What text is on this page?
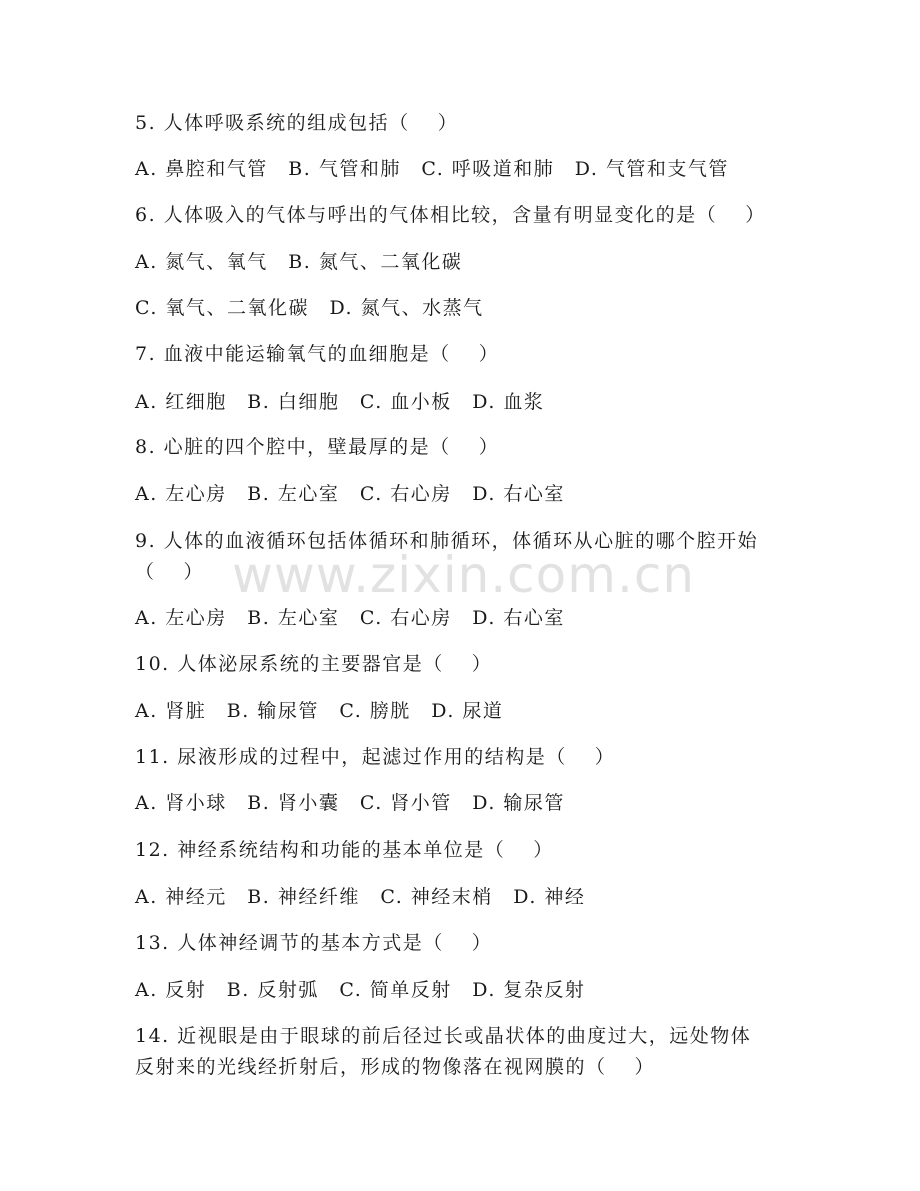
www.zixin.com.cn
5. 人体呼吸系统的组成包括（　 ）
A. 鼻腔和气管　B. 气管和肺　C. 呼吸道和肺　D. 气管和支气管
6. 人体吸入的气体与呼出的气体相比较，含量有明显变化的是（　 ）
A. 氮气、氧气　B. 氮气、二氧化碳
C. 氧气、二氧化碳　D. 氮气、水蒸气
7. 血液中能运输氧气的血细胞是（　 ）
A. 红细胞　B. 白细胞　C. 血小板　D. 血浆
8. 心脏的四个腔中，壁最厚的是（　 ）
A. 左心房　B. 左心室　C. 右心房　D. 右心室
9. 人体的血液循环包括体循环和肺循环，体循环从心脏的哪个腔开始
（　 ）
A. 左心房　B. 左心室　C. 右心房　D. 右心室
10. 人体泌尿系统的主要器官是（　 ）
A. 肾脏　B. 输尿管　C. 膀胱　D. 尿道
11. 尿液形成的过程中，起滤过作用的结构是（　 ）
A. 肾小球　B. 肾小囊　C. 肾小管　D. 输尿管
12. 神经系统结构和功能的基本单位是（　 ）
A. 神经元　B. 神经纤维　C. 神经末梢　D. 神经
13. 人体神经调节的基本方式是（　 ）
A. 反射　B. 反射弧　C. 简单反射　D. 复杂反射
14. 近视眼是由于眼球的前后径过长或晶状体的曲度过大，远处物体
反射来的光线经折射后，形成的物像落在视网膜的（　 ）
